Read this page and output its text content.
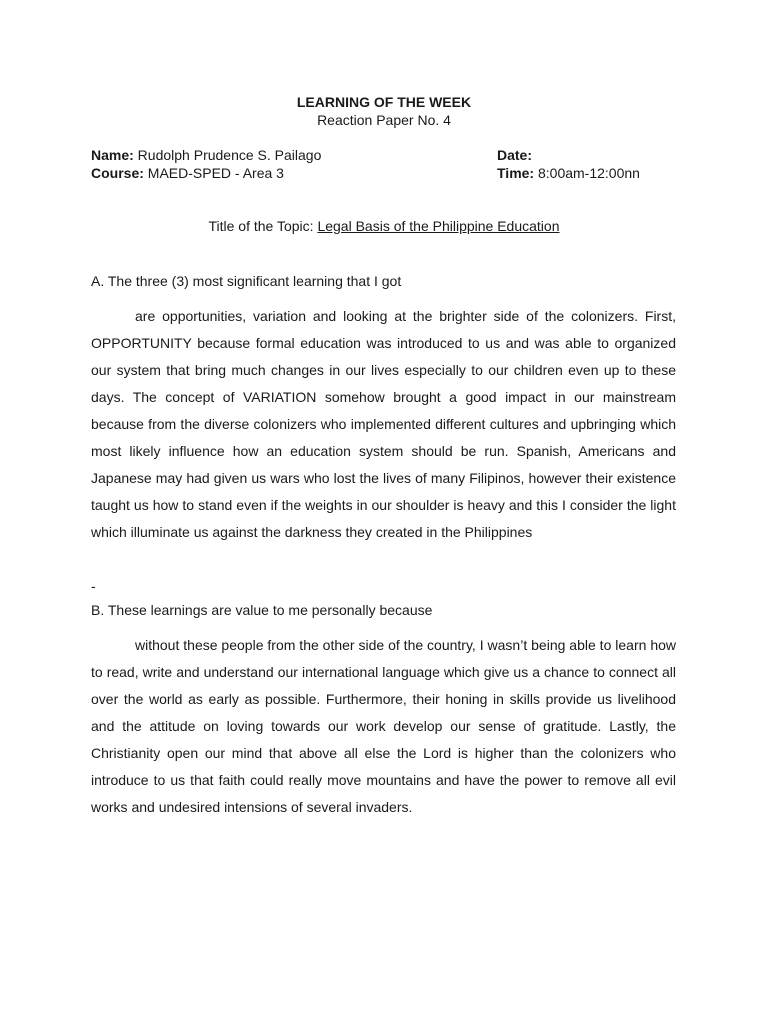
LEARNING OF THE WEEK
Reaction Paper No. 4
Name: Rudolph Prudence S. Pailago
Course: MAED-SPED - Area 3
Date:
Time: 8:00am-12:00nn
Title of the Topic: Legal Basis of the Philippine Education
A. The three (3) most significant learning that I got
are opportunities, variation and looking at the brighter side of the colonizers. First, OPPORTUNITY because formal education was introduced to us and was able to organized our system that bring much changes in our lives especially to our children even up to these days. The concept of VARIATION somehow brought a good impact in our mainstream because from the diverse colonizers who implemented different cultures and upbringing which most likely influence how an education system should be run. Spanish, Americans and Japanese may had given us wars who lost the lives of many Filipinos, however their existence taught us how to stand even if the weights in our shoulder is heavy and this I consider the light which illuminate us against the darkness they created in the Philippines
-
B. These learnings are value to me personally because
without these people from the other side of the country, I wasn’t being able to learn how to read, write and understand our international language which give us a chance to connect all over the world as early as possible. Furthermore, their honing in skills provide us livelihood and the attitude on loving towards our work develop our sense of gratitude. Lastly, the Christianity open our mind that above all else the Lord is higher than the colonizers who introduce to us that faith could really move mountains and have the power to remove all evil works and undesired intensions of several invaders.
